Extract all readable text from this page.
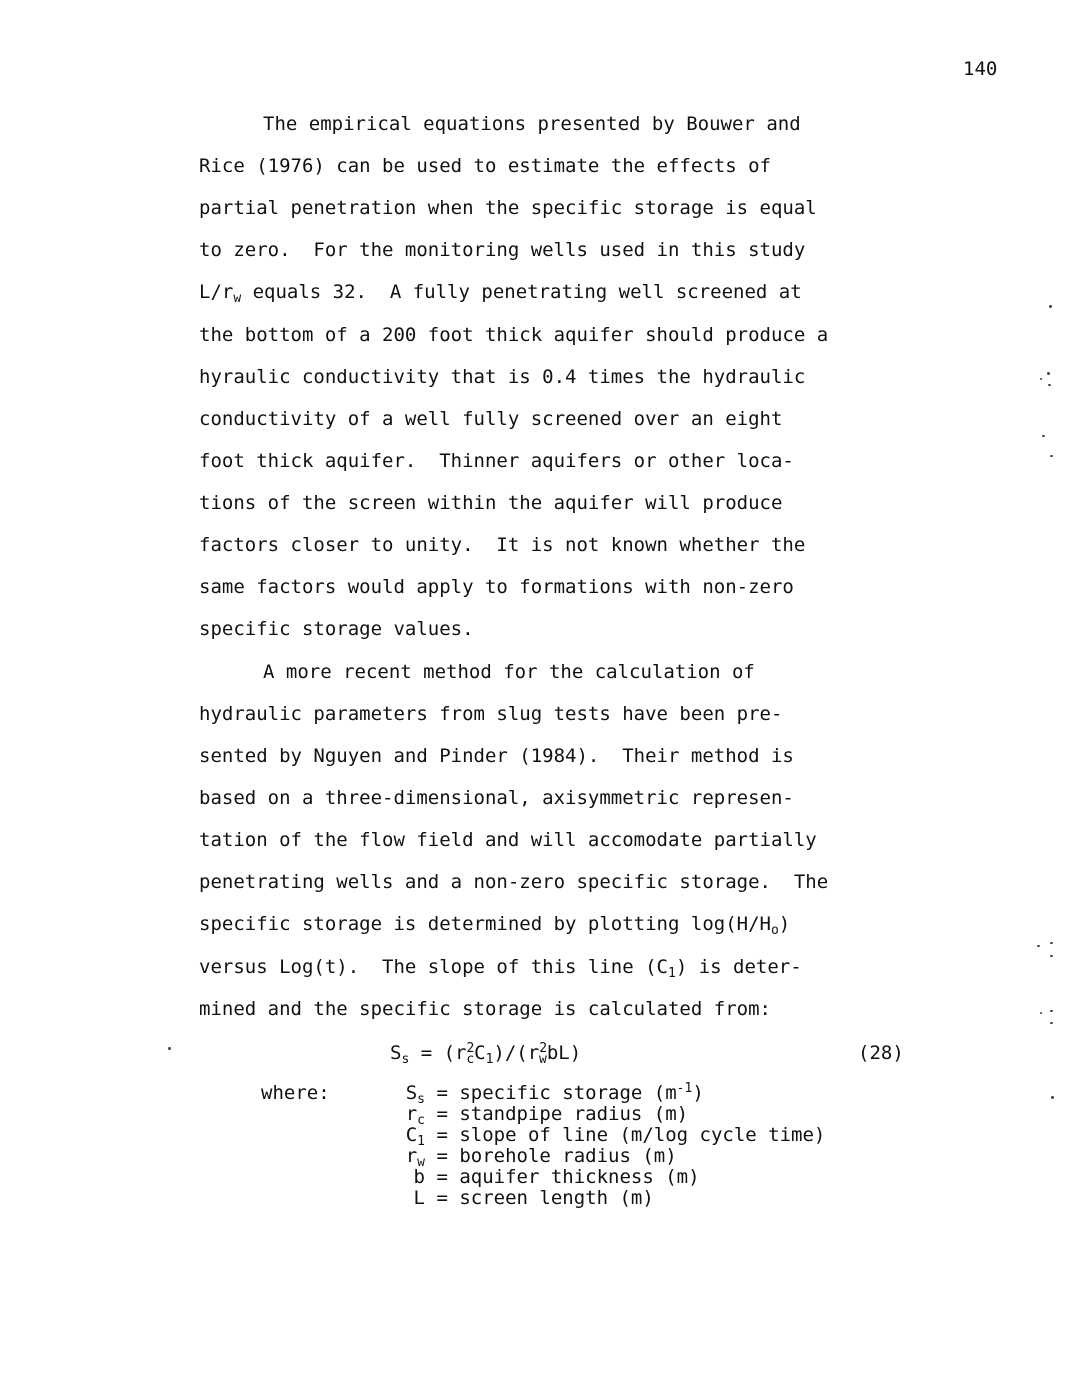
140
The empirical equations presented by Bouwer and
Rice (1976) can be used to estimate the effects of
partial penetration when the specific storage is equal
to zero.  For the monitoring wells used in this study
$L/r_w$ equals 32.  A fully penetrating well screened at
the bottom of a 200 foot thick aquifer should produce a
hyraulic conductivity that is 0.4 times the hydraulic
conductivity of a well fully screened over an eight
foot thick aquifer.  Thinner aquifers or other loca-
tions of the screen within the aquifer will produce
factors closer to unity.  It is not known whether the
same factors would apply to formations with non-zero
specific storage values.
A more recent method for the calculation of
hydraulic parameters from slug tests have been pre-
sented by Nguyen and Pinder (1984).  Their method is
based on a three-dimensional, axisymmetric represen-
tation of the flow field and will accomodate partially
penetrating wells and a non-zero specific storage.  The
specific storage is determined by plotting $\log(H/H_o)$
versus Log(t).  The slope of this line $(C_1)$ is deter-
mined and the specific storage is calculated from:
$S_s = (r^2_cC_1)/(r^2_wbL)$	(28)
where:	$S_s$ = specific storage $(m^{-1})$
$r_c$ = standpipe radius (m)
$C_1$ = slope of line (m/log cycle time)
$r_w$ = borehole radius (m)
b = aquifer thickness (m)
L = screen length (m)
